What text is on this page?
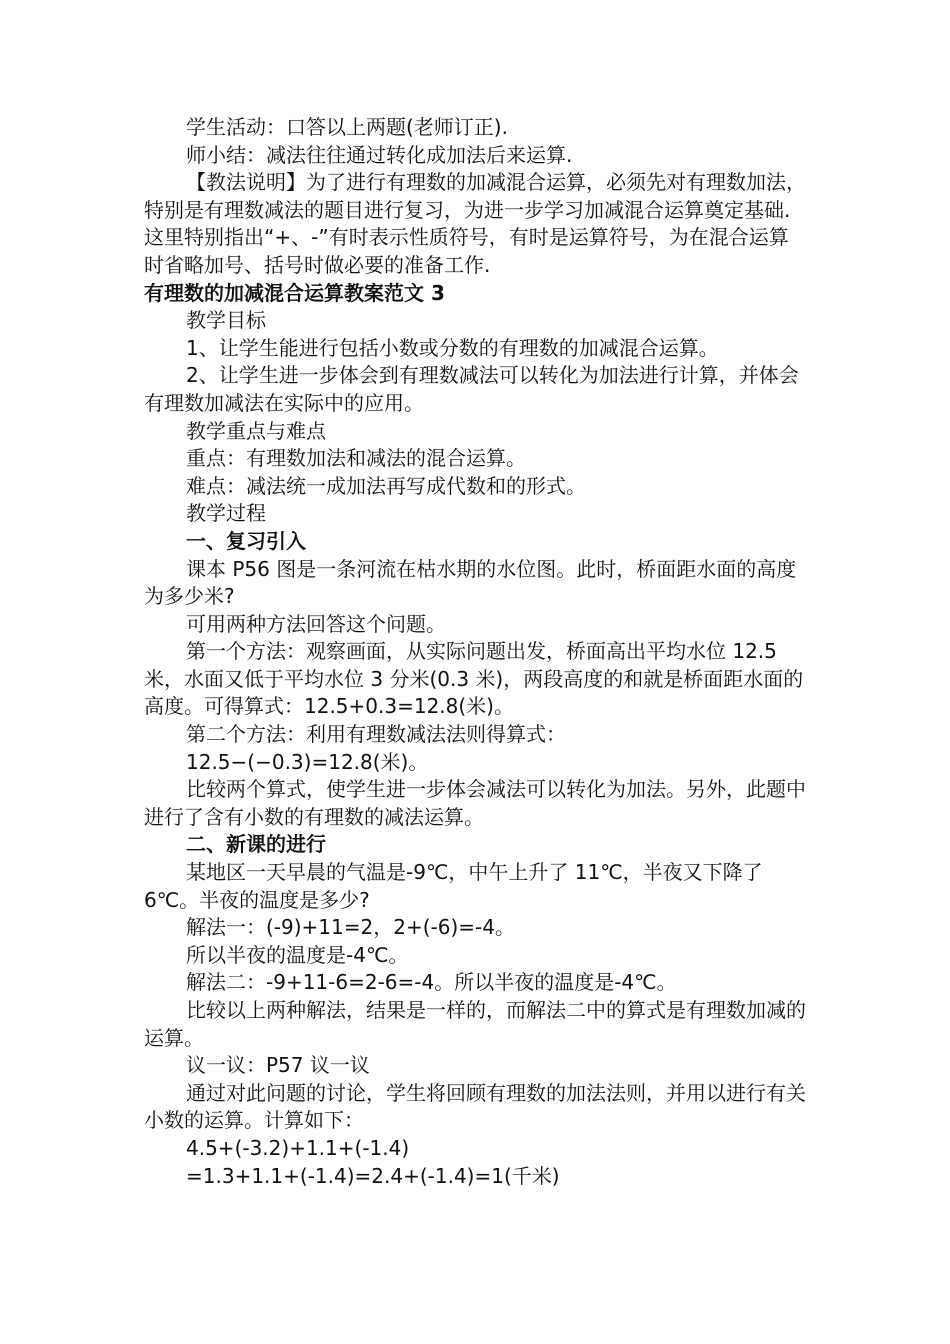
学生活动：口答以上两题(老师订正).

师小结：减法往往通过转化成加法后来运算.

【教法说明】为了进行有理数的加减混合运算，必须先对有理数加法，特别是有理数减法的题目进行复习，为进一步学习加减混合运算奠定基础.这里特别指出“+、-”有时表示性质符号，有时是运算符号，为在混合运算时省略加号、括号时做必要的准备工作.

有理数的加减混合运算教案范文 3

教学目标

1、让学生能进行包括小数或分数的有理数的加减混合运算。

2、让学生进一步体会到有理数减法可以转化为加法进行计算，并体会有理数加减法在实际中的应用。

教学重点与难点

重点：有理数加法和减法的混合运算。

难点：减法统一成加法再写成代数和的形式。

教学过程

一、复习引入

课本 P56 图是一条河流在枯水期的水位图。此时，桥面距水面的高度为多少米?

可用两种方法回答这个问题。

第一个方法：观察画面，从实际问题出发，桥面高出平均水位 12.5 米，水面又低于平均水位 3 分米(0.3 米)，两段高度的和就是桥面距水面的高度。可得算式：12.5+0.3=12.8(米)。

第二个方法：利用有理数减法法则得算式：

12.5−(−0.3)=12.8(米)。

比较两个算式，使学生进一步体会减法可以转化为加法。另外，此题中进行了含有小数的有理数的减法运算。

二、新课的进行

某地区一天早晨的气温是-9℃，中午上升了 11℃，半夜又下降了 6℃。半夜的温度是多少?

解法一：(-9)+11=2，2+(-6)=-4。

所以半夜的温度是-4℃。

解法二：-9+11-6=2-6=-4。所以半夜的温度是-4℃。

比较以上两种解法，结果是一样的，而解法二中的算式是有理数加减的运算。

议一议：P57 议一议

通过对此问题的讨论，学生将回顾有理数的加法法则，并用以进行有关小数的运算。计算如下：

4.5+(-3.2)+1.1+(-1.4)

=1.3+1.1+(-1.4)=2.4+(-1.4)=1(千米)
